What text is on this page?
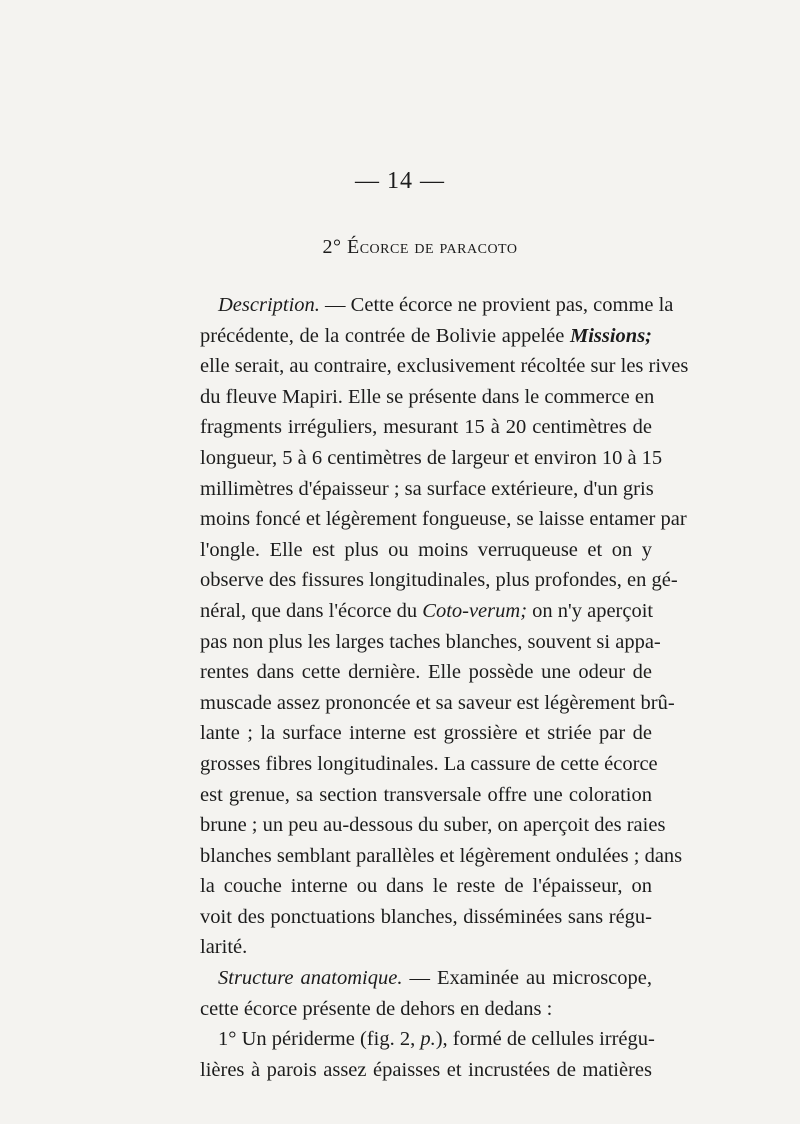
— 14 —
2° Écorce de paracoto
Description. — Cette écorce ne provient pas, comme la
précédente, de la contrée de Bolivie appelée Missions;
elle serait, au contraire, exclusivement récoltée sur les rives
du fleuve Mapiri. Elle se présente dans le commerce en
fragments irréguliers, mesurant 15 à 20 centimètres de
longueur, 5 à 6 centimètres de largeur et environ 10 à 15
millimètres d'épaisseur ; sa surface extérieure, d'un gris
moins foncé et légèrement fongueuse, se laisse entamer par
l'ongle. Elle est plus ou moins verruqueuse et on y
observe des fissures longitudinales, plus profondes, en gé-
néral, que dans l'écorce du Coto-verum; on n'y aperçoit
pas non plus les larges taches blanches, souvent si appa-
rentes dans cette dernière. Elle possède une odeur de
muscade assez prononcée et sa saveur est légèrement brû-
lante ; la surface interne est grossière et striée par de
grosses fibres longitudinales. La cassure de cette écorce
est grenue, sa section transversale offre une coloration
brune ; un peu au-dessous du suber, on aperçoit des raies
blanches semblant parallèles et légèrement ondulées ; dans
la couche interne ou dans le reste de l'épaisseur, on
voit des ponctuations blanches, disséminées sans régu-
larité.
Structure anatomique. — Examinée au microscope,
cette écorce présente de dehors en dedans :
1° Un périderme (fig. 2, p.), formé de cellules irrégu-
lières à parois assez épaisses et incrustées de matières
